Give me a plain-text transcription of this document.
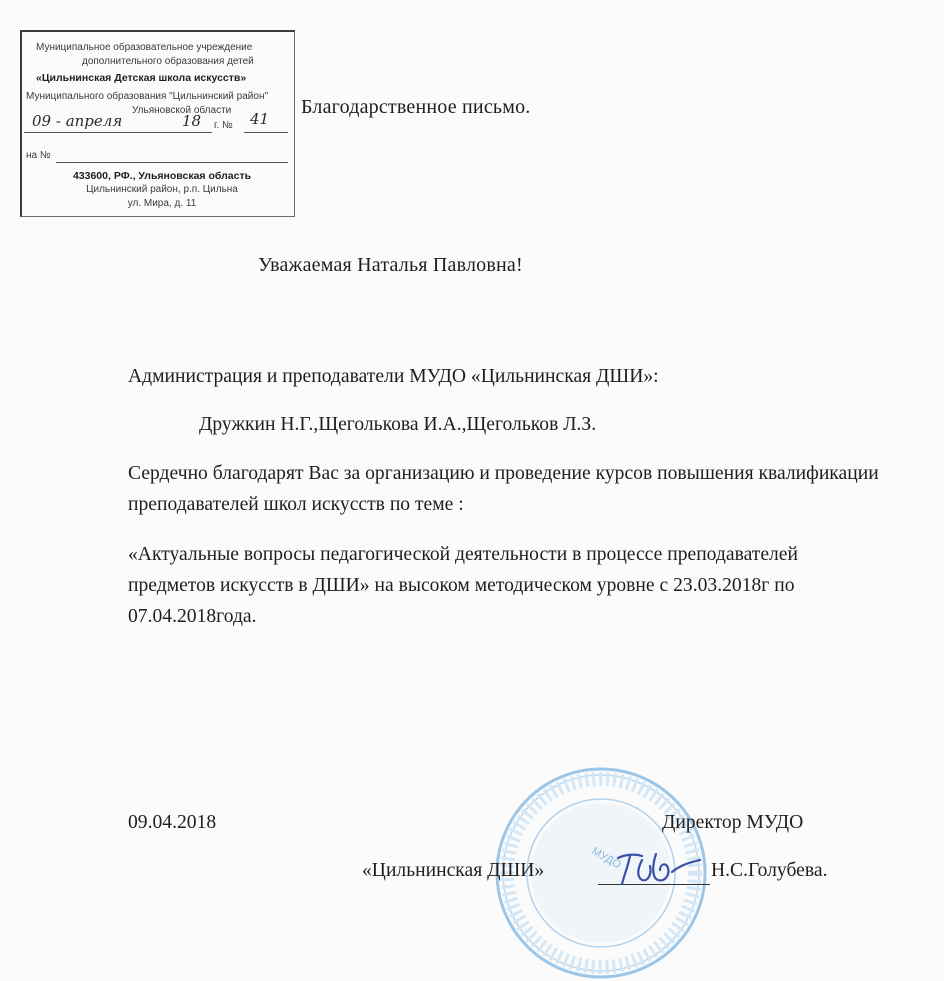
Муниципальное образовательное учреждение
дополнительного образования детей
«Цильнинская Детская школа искусств»
Муниципального образования "Цильнинский район"
Ульяновской области
09 - апреля	18	г. №	41
на №
433600, РФ., Ульяновская область
Цильнинский район, р.п. Цильна
ул. Мира, д. 11
Благодарственное письмо.
Уважаемая Наталья Павловна!
Администрация и преподаватели МУДО «Цильнинская ДШИ»:
Дружкин Н.Г.,Щеголькова И.А.,Щегольков Л.З.
Сердечно благодарят Вас за организацию и проведение курсов повышения квалификации преподавателей школ искусств по теме :
«Актуальные вопросы педагогической деятельности в процессе преподавателей предметов искусств в ДШИ» на высоком методическом уровне с 23.03.2018г по 07.04.2018года.
МУДО
09.04.2018	Директор МУДО
«Цильнинская ДШИ»	Н.С.Голубева.
